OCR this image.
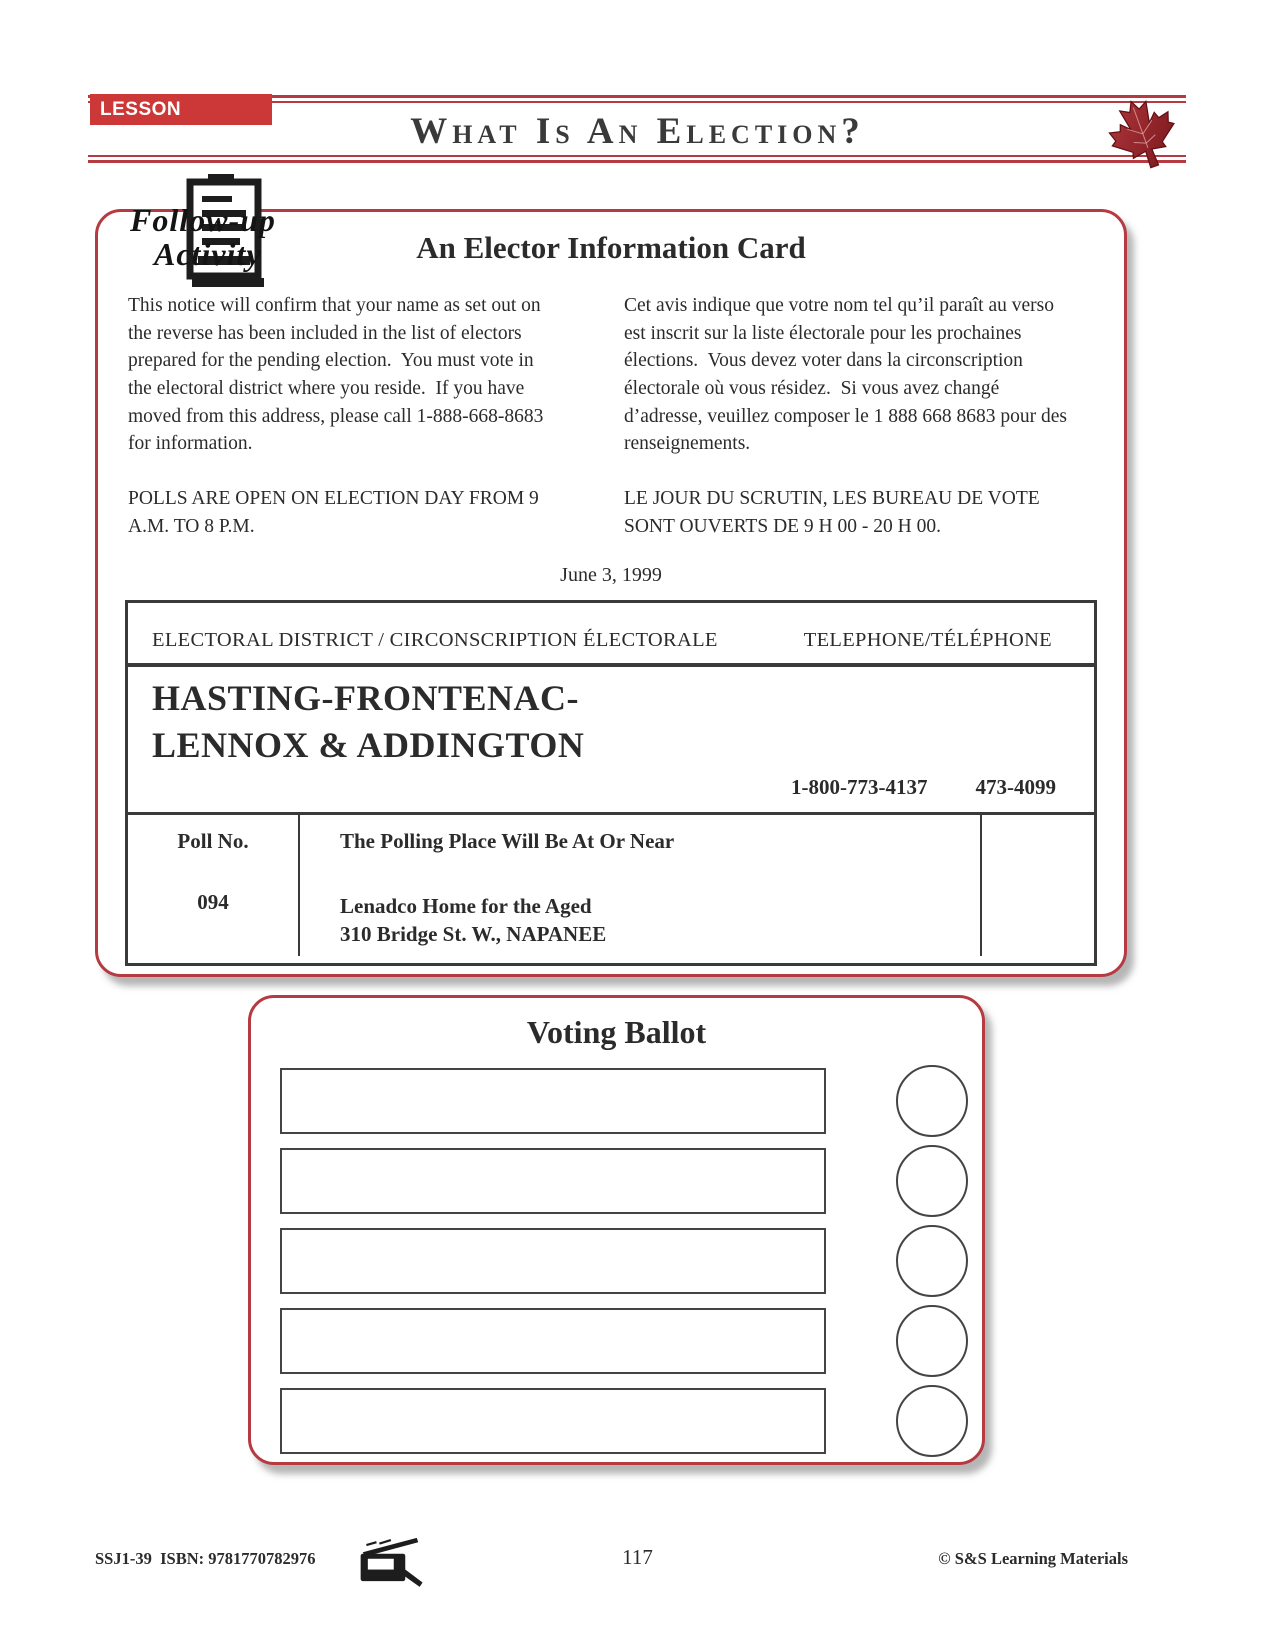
LESSON SEVENTEEN:	What Is An Election?
An Elector Information Card

This notice will confirm that your name as set out on the reverse has been included in the list of electors prepared for the pending election.  You must vote in the electoral district where you reside.  If you have moved from this address, please call 1-888-668-8683 for information.

POLLS ARE OPEN ON ELECTION DAY FROM 9 A.M. TO 8 P.M.

Cet avis indique que votre nom tel qu’il paraît au verso est inscrit sur la liste électorale pour les prochaines élections.  Vous devez voter dans la circonscription électorale où vous résidez.  Si vous avez changé d’adresse, veuillez composer le 1 888 668 8683 pour des renseignements.

LE JOUR DU SCRUTIN, LES BUREAU DE VOTE SONT OUVERTS DE 9 H 00 - 20 H 00.

June 3, 1999
ELECTORAL DISTRICT / CIRCONSCRIPTION ÉLECTORALE	TELEPHONE/TÉLÉPHONE
HASTING-FRONTENAC-
LENNOX & ADDINGTON
1-800-773-4137 473-4099
Poll No.
094
The Polling Place Will Be At Or Near
Lenadco Home for the Aged
310 Bridge St. W., NAPANEE
Follow-up
Activity
Voting Ballot
SSJ1-39  ISBN: 9781770782976	117	© S&S Learning Materials
